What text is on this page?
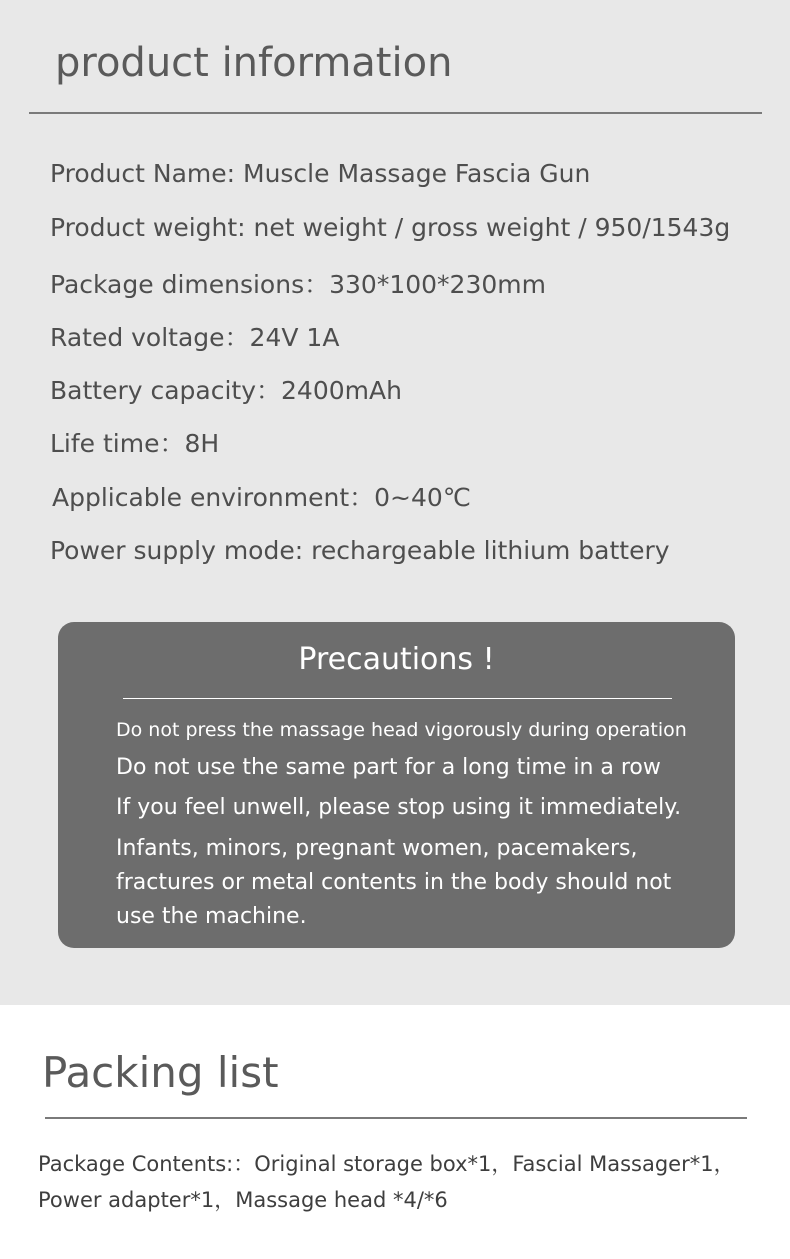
product information
Product Name: Muscle Massage Fascia Gun
Product weight: net weight / gross weight / 950/1543g
Package dimensions：330*100*230mm
Rated voltage：24V 1A
Battery capacity：2400mAh
Life time：8H
Applicable environment：0~40℃
Power supply mode: rechargeable lithium battery
Precautions !
Do not press the massage head vigorously during operation
Do not use the same part for a long time in a row
If you feel unwell, please stop using it immediately.
Infants, minors, pregnant women, pacemakers, fractures or metal contents in the body should not use the machine.
Packing list
Package Contents:：Original storage box*1，Fascial Massager*1，Power adapter*1，Massage head *4/*6
